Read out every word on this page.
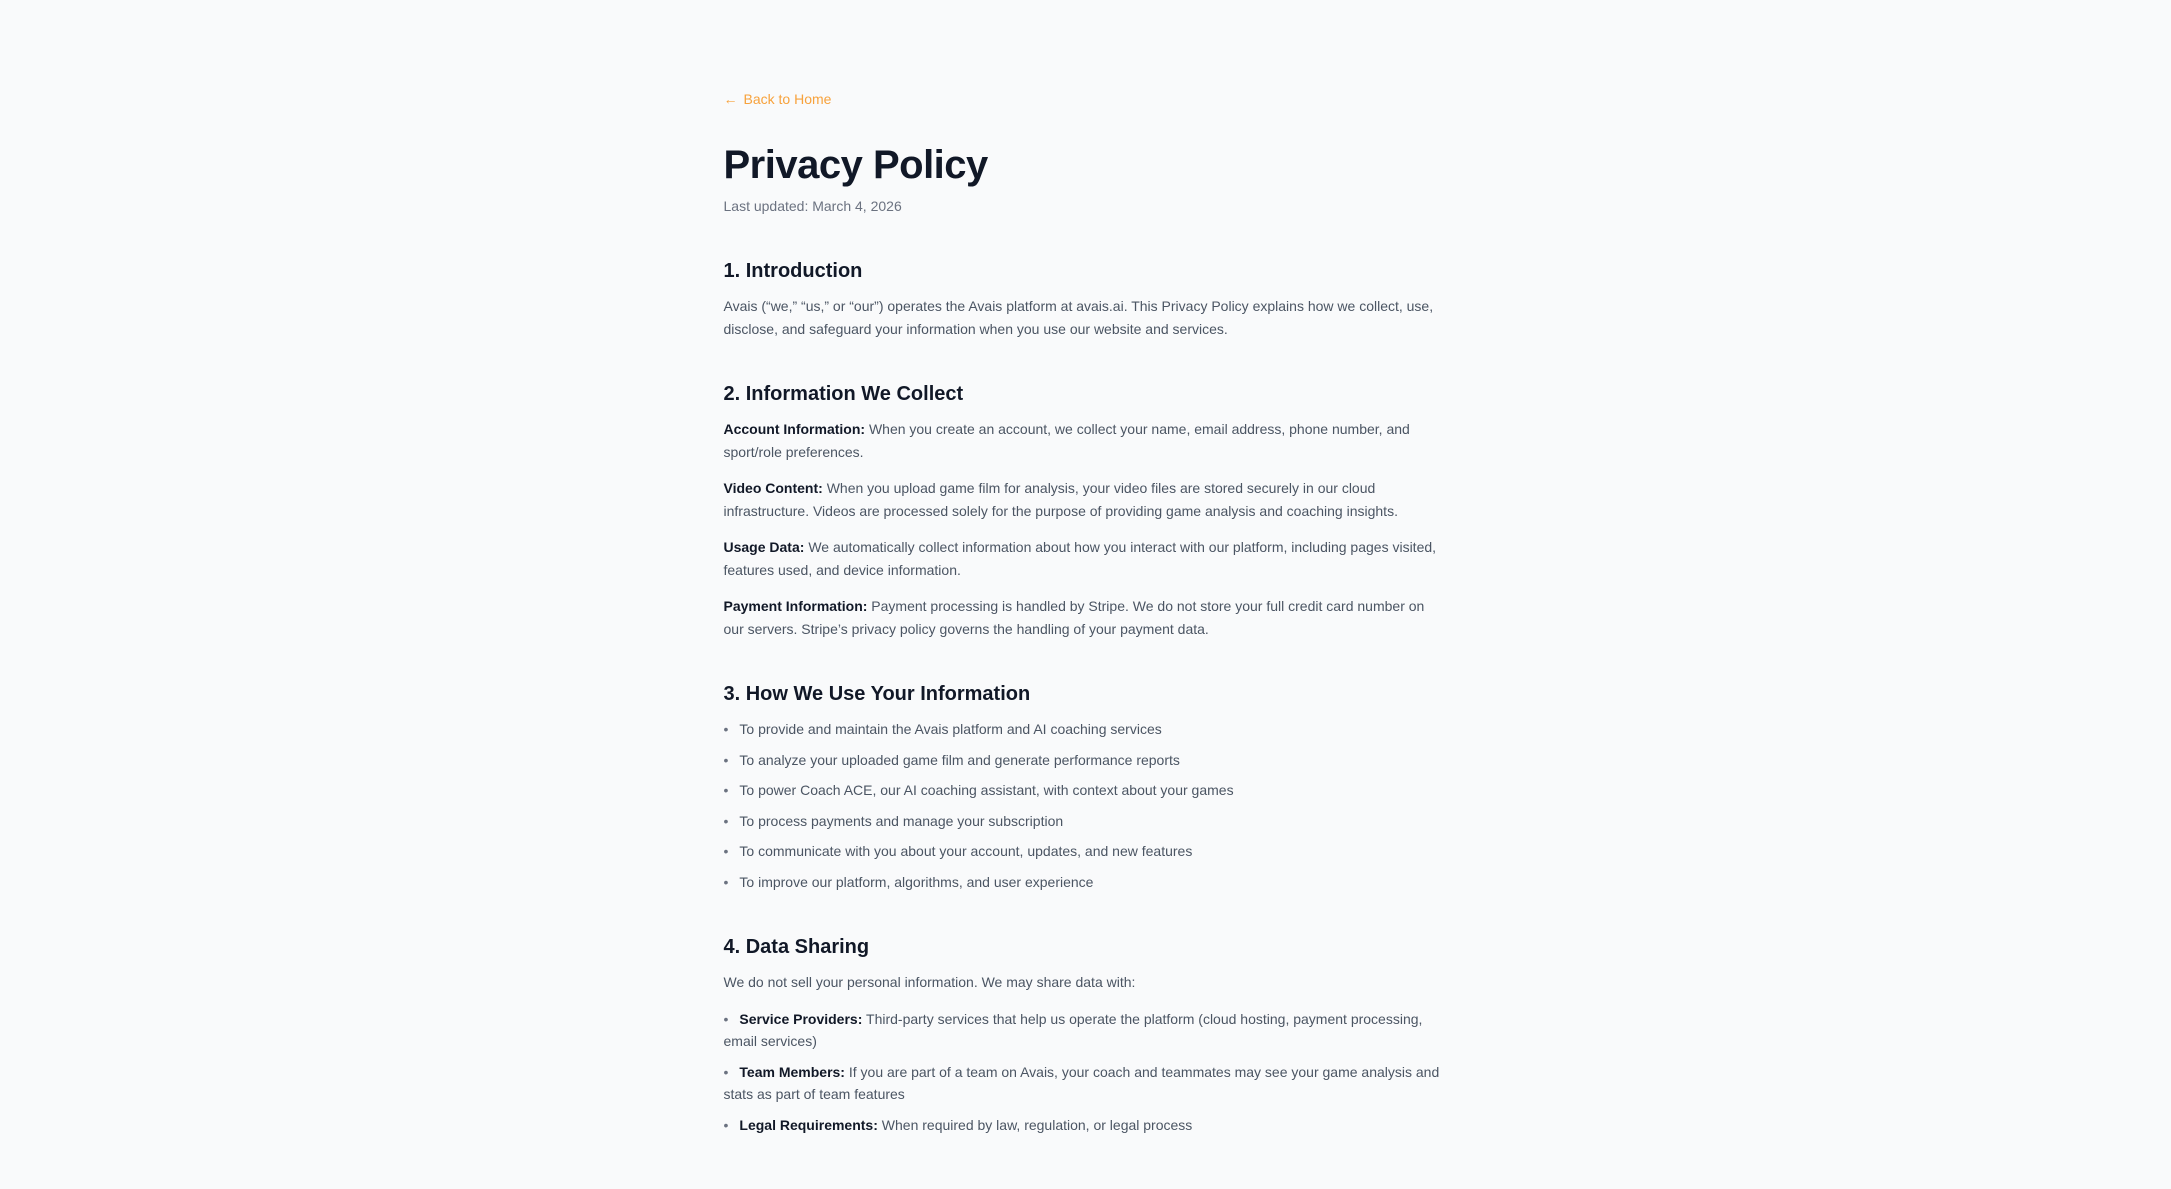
← Back to Home
Privacy Policy
Last updated: March 4, 2026
1. Introduction

Avais (“we,” “us,” or “our”) operates the Avais platform at avais.ai. This Privacy Policy explains how we collect, use, disclose, and safeguard your information when you use our website and services.

2. Information We Collect

Account Information: When you create an account, we collect your name, email address, phone number, and sport/role preferences.

Video Content: When you upload game film for analysis, your video files are stored securely in our cloud infrastructure. Videos are processed solely for the purpose of providing game analysis and coaching insights.

Usage Data: We automatically collect information about how you interact with our platform, including pages visited, features used, and device information.

Payment Information: Payment processing is handled by Stripe. We do not store your full credit card number on our servers. Stripe’s privacy policy governs the handling of your payment data.

3. How We Use Your Information
• To provide and maintain the Avais platform and AI coaching services
• To analyze your uploaded game film and generate performance reports
• To power Coach ACE, our AI coaching assistant, with context about your games
• To process payments and manage your subscription
• To communicate with you about your account, updates, and new features
• To improve our platform, algorithms, and user experience
4. Data Sharing

We do not sell your personal information. We may share data with:

• Service Providers: Third-party services that help us operate the platform (cloud hosting, payment processing, email services)
• Team Members: If you are part of a team on Avais, your coach and teammates may see your game analysis and stats as part of team features
• Legal Requirements: When required by law, regulation, or legal process
